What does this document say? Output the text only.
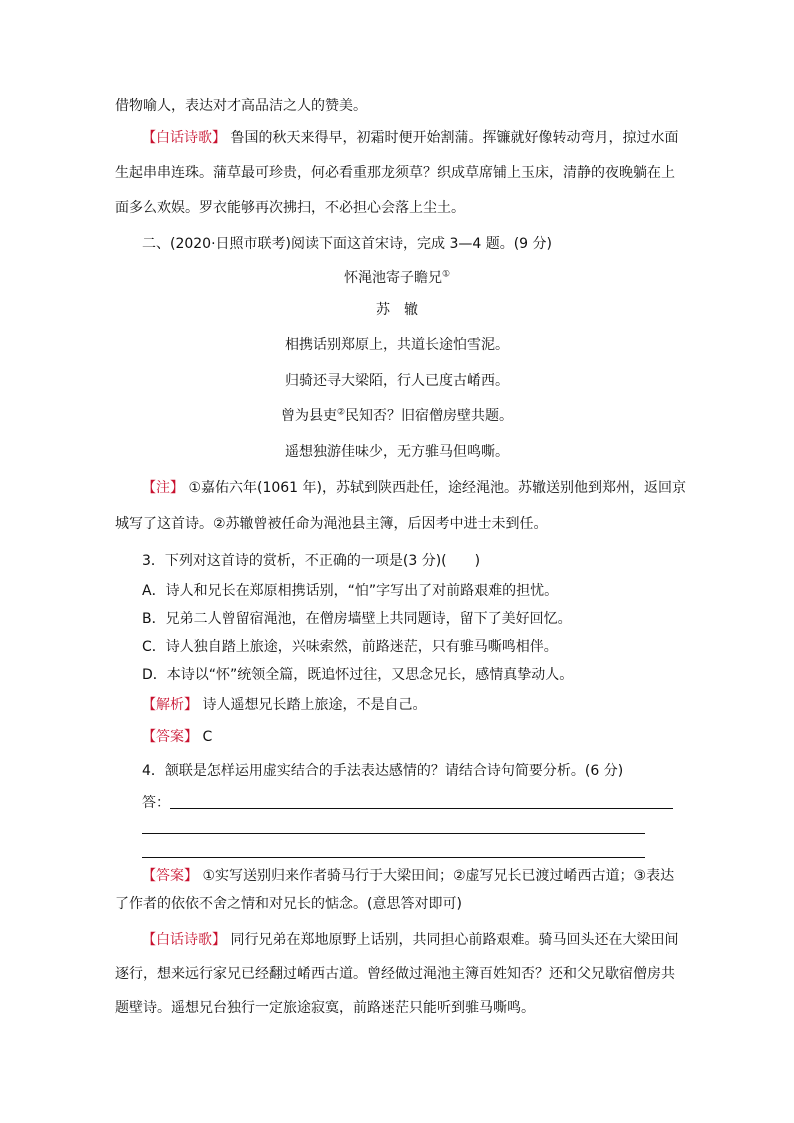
借物喻人，表达对才高品洁之人的赞美。
【白话诗歌】 鲁国的秋天来得早，初霜时便开始割蒲。挥镰就好像转动弯月，掠过水面
生起串串连珠。蒲草最可珍贵，何必看重那龙须草？织成草席铺上玉床，清静的夜晚躺在上
面多么欢娱。罗衣能够再次拂扫，不必担心会落上尘土。
二、(2020·日照市联考)阅读下面这首宋诗，完成 3—4 题。(9 分)
怀渑池寄子瞻兄①
苏　辙
相携话别郑原上，共道长途怕雪泥。
归骑还寻大梁陌，行人已度古崤西。
曾为县吏②民知否？旧宿僧房壁共题。
遥想独游佳味少，无方骓马但鸣嘶。
【注】 ①嘉佑六年(1061 年)，苏轼到陕西赴任，途经渑池。苏辙送别他到郑州，返回京
城写了这首诗。②苏辙曾被任命为渑池县主簿，后因考中进士未到任。
3．下列对这首诗的赏析，不正确的一项是(3 分)(　　)
A．诗人和兄长在郑原相携话别，“怕”字写出了对前路艰难的担忧。
B．兄弟二人曾留宿渑池，在僧房墙壁上共同题诗，留下了美好回忆。
C．诗人独自踏上旅途，兴味索然，前路迷茫，只有骓马嘶鸣相伴。
D．本诗以“怀”统领全篇，既追怀过往，又思念兄长，感情真挚动人。
【解析】 诗人遥想兄长踏上旅途，不是自己。
【答案】 C
4．颔联是怎样运用虚实结合的手法表达感情的？请结合诗句简要分析。(6 分)
答：
【答案】 ①实写送别归来作者骑马行于大梁田间；②虚写兄长已渡过崤西古道；③表达
了作者的依依不舍之情和对兄长的惦念。(意思答对即可)
【白话诗歌】 同行兄弟在郑地原野上话别，共同担心前路艰难。骑马回头还在大梁田间
逐行，想来远行家兄已经翻过崤西古道。曾经做过渑池主簿百姓知否？还和父兄歇宿僧房共
题壁诗。遥想兄台独行一定旅途寂寞，前路迷茫只能听到骓马嘶鸣。
